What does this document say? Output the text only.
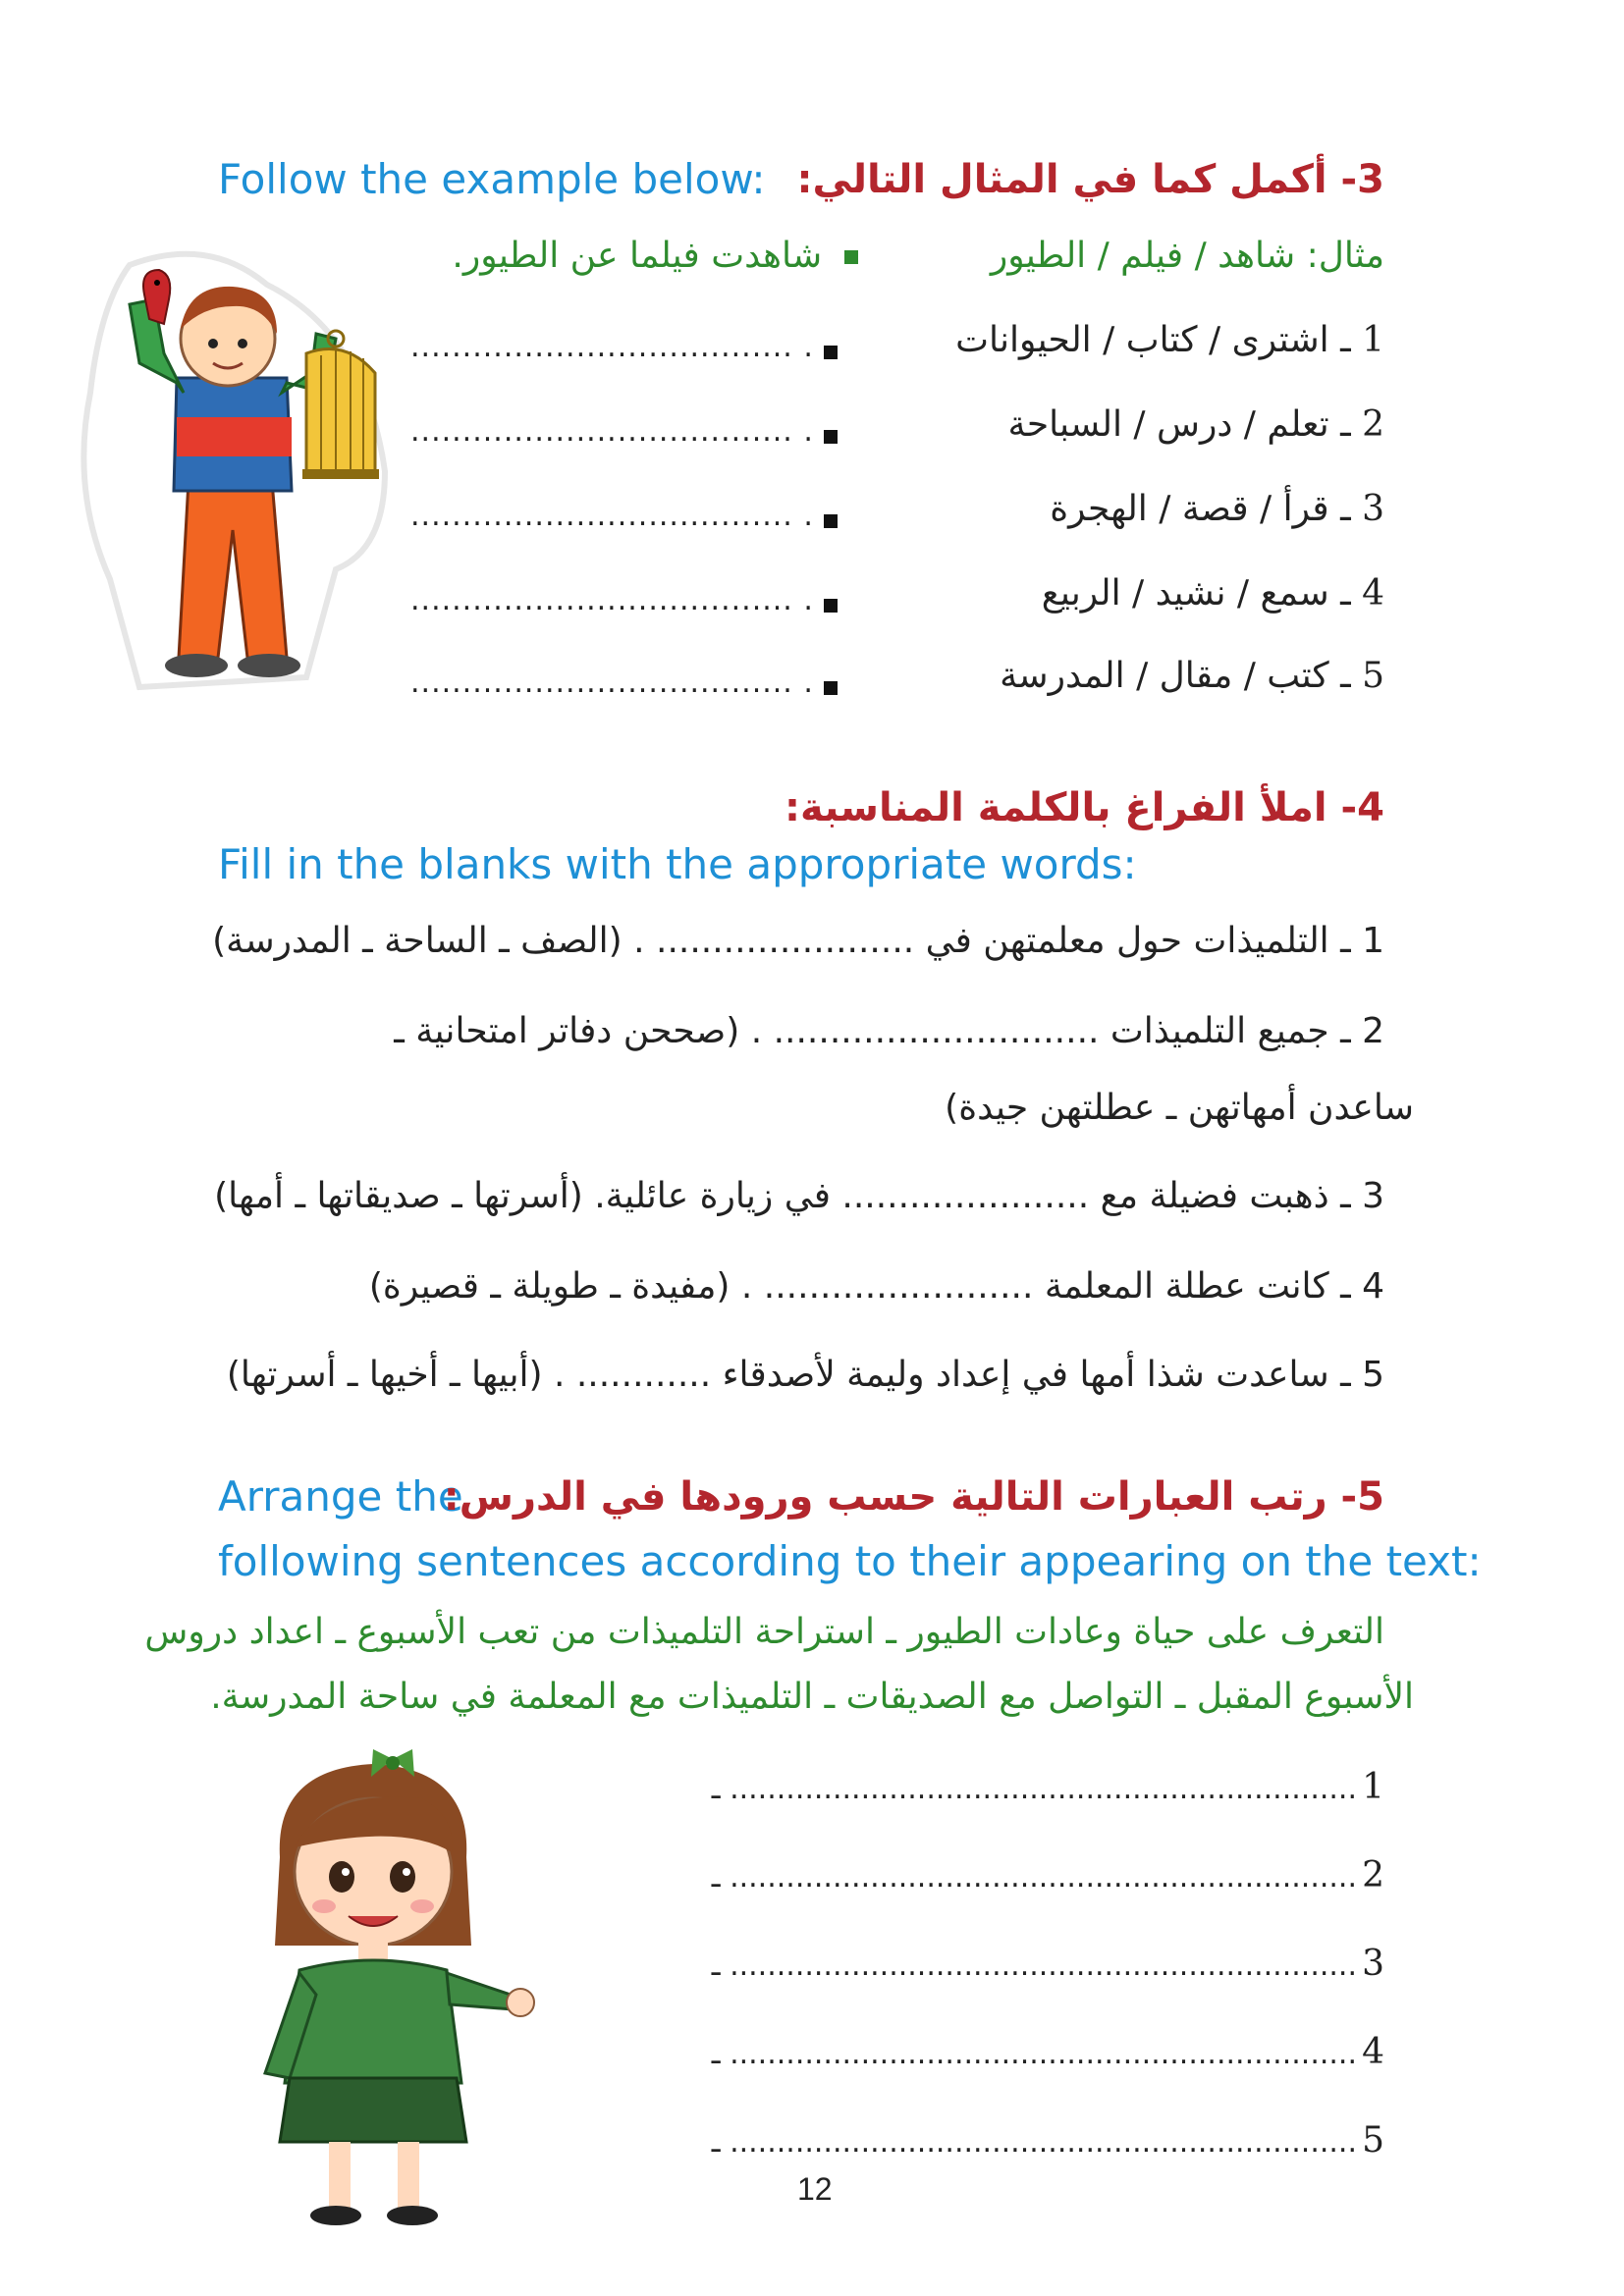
Follow the example below: 3- أكمل كما في المثال التالي:
مثال: شاهد / فيلم / الطيور
شاهدت فيلما عن الطيور.
1 ـ اشترى / كتاب / الحيوانات
2 ـ تعلم / درس / السباحة
3 ـ قرأ / قصة / الهجرة
4 ـ سمع / نشيد / الربيع
5 ـ كتب / مقال / المدرسة
..................................... .
..................................... .
..................................... .
..................................... .
..................................... .
4- املأ الفراغ بالكلمة المناسبة:
Fill in the blanks with the appropriate words:
1 ـ التلميذات حول معلمتهن في ....................... . (الصف ـ الساحة ـ المدرسة)
2 ـ جميع التلميذات ............................. . (صححن دفاتر امتحانية ـ
ساعدن أمهاتهن ـ عطلتهن جيدة)
3 ـ ذهبت فضيلة مع ...................... في زيارة عائلية. (أسرتها ـ صديقاتها ـ أمها)
4 ـ كانت عطلة المعلمة ........................ . (مفيدة ـ طويلة ـ قصيرة)
5 ـ ساعدت شذا أمها في إعداد وليمة لأصدقاء ............ . (أبيها ـ أخيها ـ أسرتها)
Arrange the
5- رتب العبارات التالية حسب ورودها في الدرس:
following sentences according to their appearing on the text:
التعرف على حياة وعادات الطيور ـ استراحة التلميذات من تعب الأسبوع ـ اعداد دروس
الأسبوع المقبل ـ التواصل مع الصديقات ـ التلميذات مع المعلمة في ساحة المدرسة.
1 ................................................................... ـ
2 ................................................................... ـ
3 ................................................................... ـ
4 ................................................................... ـ
5 ................................................................... ـ
12
